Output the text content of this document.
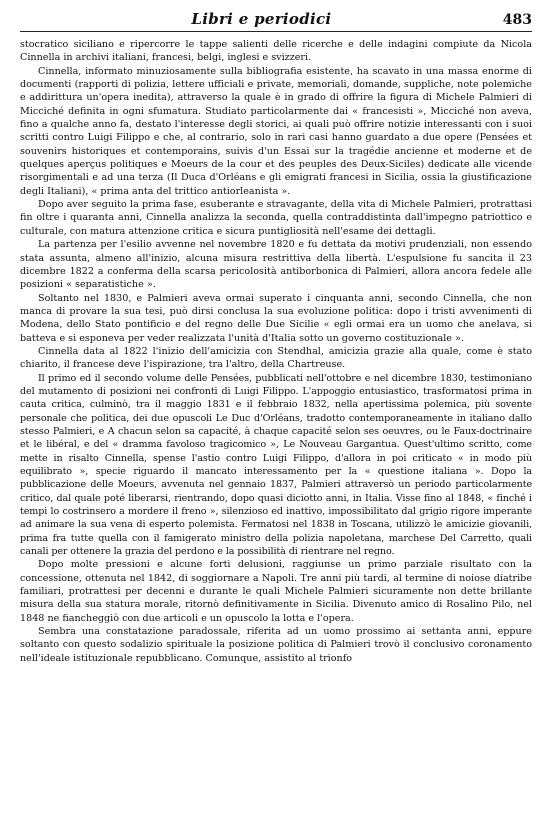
Libri e periodici	483

stocratico siciliano e ripercorre le tappe salienti delle ricerche e delle indagini compiute da Nicola Cinnella in archivi italiani, francesi, belgi, inglesi e svizzeri.

Cinnella, informato minuziosamente sulla bibliografia esistente, ha scavato in una massa enorme di documenti (rapporti di polizia, lettere ufficiali e private, memoriali, domande, suppliche, note polemiche e addirittura un'opera inedita), attraverso la quale è in grado di offrire la figura di Michele Palmieri di Micciché definita in ogni sfumatura. Studiato particolarmente dai « francesisti », Micciché non aveva, fino a qualche anno fa, destato l'interesse degli storici, ai quali può offrire notizie interessanti con i suoi scritti contro Luigi Filippo e che, al contrario, solo in rari casi hanno guardato a due opere (Pensées et souvenirs historiques et contemporains, suivis d'un Essai sur la tragédie ancienne et moderne et de quelques aperçus politiques e Moeurs de la cour et des peuples des Deux-Siciles) dedicate alle vicende risorgimentali e ad una terza (Il Duca d'Orléans e gli emigrati francesi in Sicilia, ossia la giustificazione degli Italiani), « prima anta del trittico antiorleanista ».

Dopo aver seguito la prima fase, esuberante e stravagante, della vita di Michele Palmieri, protrattasi fin oltre i quaranta anni, Cinnella analizza la seconda, quella contraddistinta dall'impegno patriottico e culturale, con matura attenzione critica e sicura puntigliosità nell'esame dei dettagli.

La partenza per l'esilio avvenne nel novembre 1820 e fu dettata da motivi prudenziali, non essendo stata assunta, almeno all'inizio, alcuna misura restrittiva della libertà. L'espulsione fu sancita il 23 dicembre 1822 a conferma della scarsa pericolosità antiborbonica di Palmieri, allora ancora fedele alle posizioni « separatistiche ».

Soltanto nel 1830, e Palmieri aveva ormai superato i cinquanta anni, secondo Cinnella, che non manca di provare la sua tesi, può dirsi conclusa la sua evoluzione politica: dopo i tristi avvenimenti di Modena, dello Stato pontificio e del regno delle Due Sicilie « egli ormai era un uomo che anelava, si batteva e si esponeva per veder realizzata l'unità d'Italia sotto un governo costituzionale ».

Cinnella data al 1822 l'inizio dell'amicizia con Stendhal, amicizia grazie alla quale, come è stato chiarito, il francese deve l'ispirazione, tra l'altro, della Chartreuse.

Il primo ed il secondo volume delle Pensées, pubblicati nell'ottobre e nel dicembre 1830, testimoniano del mutamento di posizioni nei confronti di Luigi Filippo. L'appoggio entusiastico, trasformatosi prima in cauta critica, culminò, tra il maggio 1831 e il febbraio 1832, nella apertissima polemica, più sovente personale che politica, dei due opuscoli Le Duc d'Orléans, tradotto contemporaneamente in italiano dallo stesso Palmieri, e A chacun selon sa capacité, à chaque capacité selon ses oeuvres, ou le Faux-doctrinaire et le libéral, e del « dramma favoloso tragicomico », Le Nouveau Gargantua. Quest'ultimo scritto, come mette in risalto Cinnella, spense l'astio contro Luigi Filippo, d'allora in poi criticato « in modo più equilibrato », specie riguardo il mancato interessamento per la « questione italiana ». Dopo la pubblicazione delle Moeurs, avvenuta nel gennaio 1837, Palmieri attraversò un periodo particolarmente critico, dal quale poté liberarsi, rientrando, dopo quasi diciotto anni, in Italia. Visse fino al 1848, « finché i tempi lo costrinsero a mordere il freno », silenzioso ed inattivo, impossibilitato dal grigio rigore imperante ad animare la sua vena di esperto polemista. Fermatosi nel 1838 in Toscana, utilizzò le amicizie giovanili, prima fra tutte quella con il famigerato ministro della polizia napoletana, marchese Del Carretto, quali canali per ottenere la grazia del perdono e la possibilità di rientrare nel regno.

Dopo molte pressioni e alcune forti delusioni, raggiunse un primo parziale risultato con la concessione, ottenuta nel 1842, di soggiornare a Napoli. Tre anni più tardi, al termine di noiose diatribe familiari, protrattesi per decenni e durante le quali Michele Palmieri sicuramente non dette brillante misura della sua statura morale, ritornò definitivamente in Sicilia. Divenuto amico di Rosalino Pilo, nel 1848 ne fiancheggiò con due articoli e un opuscolo la lotta e l'opera.

Sembra una constatazione paradossale, riferita ad un uomo prossimo ai settanta anni, eppure soltanto con questo sodalizio spirituale la posizione politica di Palmieri trovò il conclusivo coronamento nell'ideale istituzionale repubblicano. Comunque, assistito al trionfo
